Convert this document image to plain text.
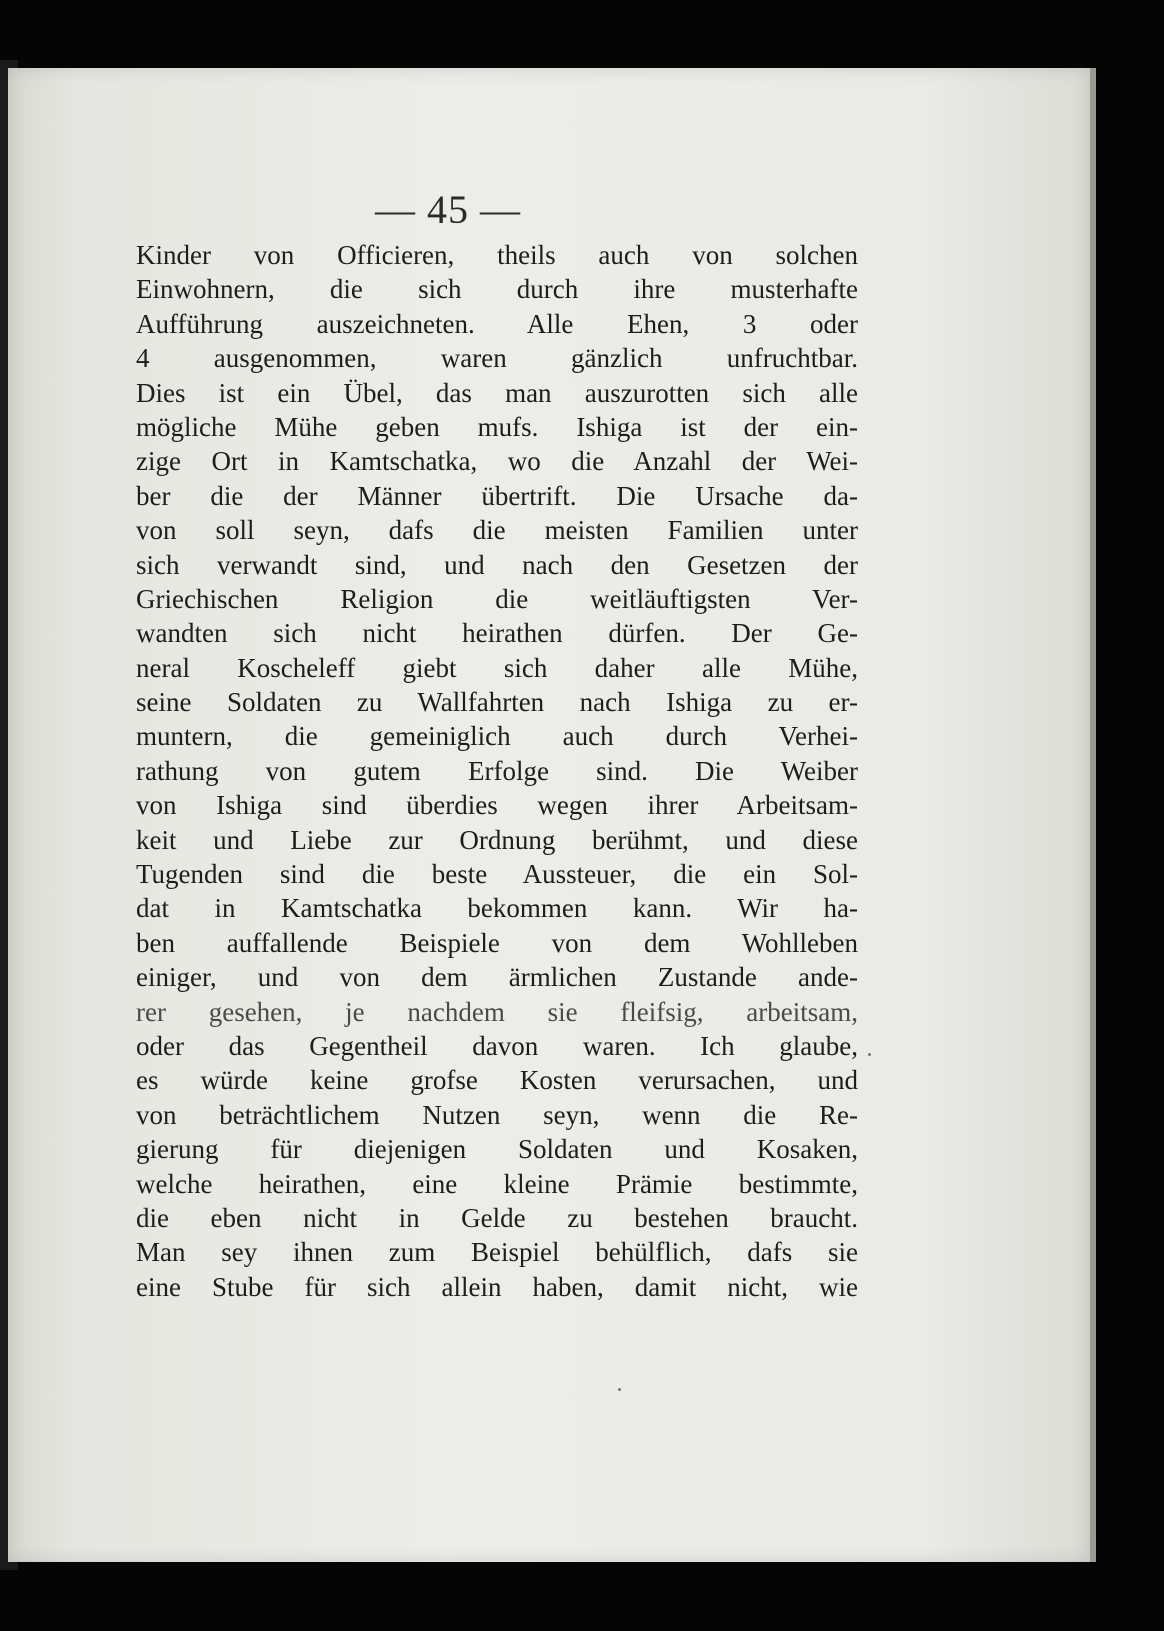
— 45 —
Kinder von Officieren, theils auch von solchen
Einwohnern, die sich durch ihre musterhafte
Aufführung auszeichneten. Alle Ehen, 3 oder
4 ausgenommen, waren gänzlich unfruchtbar.
Dies ist ein Übel, das man auszurotten sich alle
mögliche Mühe geben mufs. Ishiga ist der ein-
zige Ort in Kamtschatka, wo die Anzahl der Wei-
ber die der Männer übertrift. Die Ursache da-
von soll seyn, dafs die meisten Familien unter
sich verwandt sind, und nach den Gesetzen der
Griechischen Religion die weitläuftigsten Ver-
wandten sich nicht heirathen dürfen. Der Ge-
neral Koscheleff giebt sich daher alle Mühe,
seine Soldaten zu Wallfahrten nach Ishiga zu er-
muntern, die gemeiniglich auch durch Verhei-
rathung von gutem Erfolge sind. Die Weiber
von Ishiga sind überdies wegen ihrer Arbeitsam-
keit und Liebe zur Ordnung berühmt, und diese
Tugenden sind die beste Aussteuer, die ein Sol-
dat in Kamtschatka bekommen kann. Wir ha-
ben auffallende Beispiele von dem Wohlleben
einiger, und von dem ärmlichen Zustande ande-
rer gesehen, je nachdem sie fleifsig, arbeitsam,
oder das Gegentheil davon waren. Ich glaube,
es würde keine grofse Kosten verursachen, und
von beträchtlichem Nutzen seyn, wenn die Re-
gierung für diejenigen Soldaten und Kosaken,
welche heirathen, eine kleine Prämie bestimmte,
die eben nicht in Gelde zu bestehen braucht.
Man sey ihnen zum Beispiel behülflich, dafs sie
eine Stube für sich allein haben, damit nicht, wie
